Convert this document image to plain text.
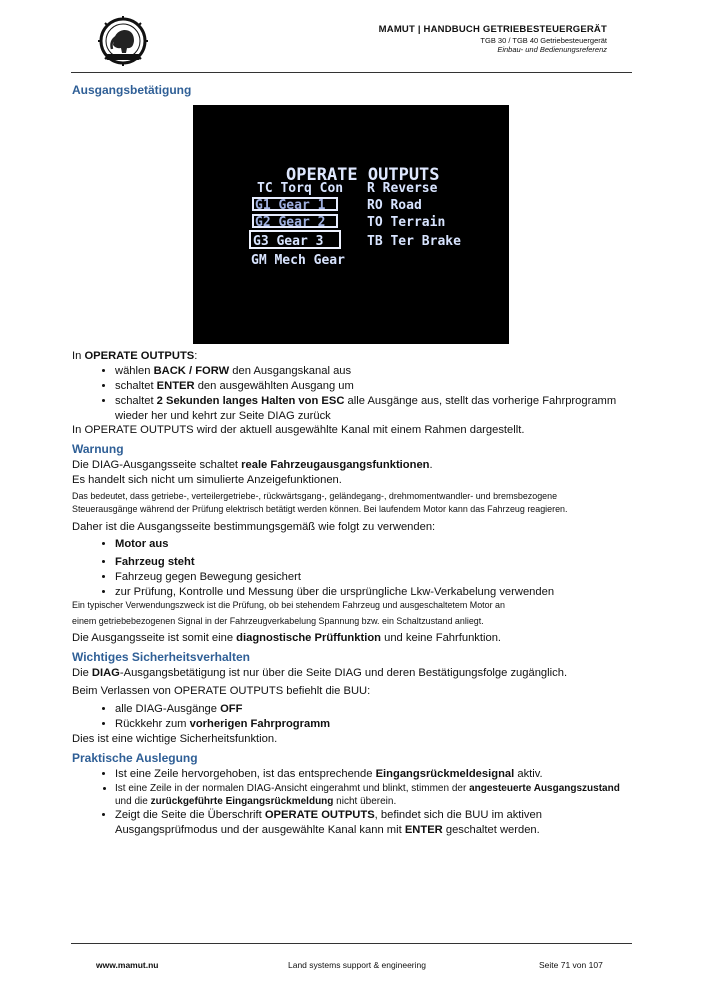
MAMUT | HANDBUCH GETRIEBESTEUERGERÄT
TGB 30 / TGB 40 Getriebesteuergerät
Einbau- und Bedienungsreferenz
Ausgangsbetätigung
OPERATE OUTPUTS
TC Torq Con R Reverse
G1 Gear 1	RO Road
G2 Gear 2	TO Terrain
G3 Gear 3	TB Ter Brake
GM Mech Gear

In OPERATE OUTPUTS:

• wählen BACK / FORW den Ausgangskanal aus
• schaltet ENTER den ausgewählten Ausgang um
• schaltet 2 Sekunden langes Halten von ESC alle Ausgänge aus, stellt das vorherige Fahrprogramm wieder her und kehrt zur Seite DIAG zurück

In OPERATE OUTPUTS wird der aktuell ausgewählte Kanal mit einem Rahmen dargestellt.

Warnung

Die DIAG-Ausgangsseite schaltet reale Fahrzeugausgangsfunktionen.

Es handelt sich nicht um simulierte Anzeigefunktionen.

Das bedeutet, dass getriebe-, verteilergetriebe-, rückwärtsgang-, geländegang-, drehmomentwandler- und bremsbezogene
Steuerausgänge während der Prüfung elektrisch betätigt werden können. Bei laufendem Motor kann das Fahrzeug reagieren.

Daher ist die Ausgangsseite bestimmungsgemäß wie folgt zu verwenden:

• Motor aus
• Fahrzeug steht
• Fahrzeug gegen Bewegung gesichert
• zur Prüfung, Kontrolle und Messung über die ursprüngliche Lkw-Verkabelung verwenden
Ein typischer Verwendungszweck ist die Prüfung, ob bei stehendem Fahrzeug und ausgeschaltetem Motor an
einem getriebebezogenen Signal in der Fahrzeugverkabelung Spannung bzw. ein Schaltzustand anliegt.

Die Ausgangsseite ist somit eine diagnostische Prüffunktion und keine Fahrfunktion.

Wichtiges Sicherheitsverhalten

Die DIAG-Ausgangsbetätigung ist nur über die Seite DIAG und deren Bestätigungsfolge zugänglich.

Beim Verlassen von OPERATE OUTPUTS befiehlt die BUU:

• alle DIAG-Ausgänge OFF
• Rückkehr zum vorherigen Fahrprogramm

Dies ist eine wichtige Sicherheitsfunktion.

Praktische Auslegung
• Ist eine Zeile hervorgehoben, ist das entsprechende Eingangsrückmeldesignal aktiv.
• Ist eine Zeile in der normalen DIAG-Ansicht eingerahmt und blinkt, stimmen der angesteuerte Ausgangszustand und die zurückgeführte Eingangsrückmeldung nicht überein.
• Zeigt die Seite die Überschrift OPERATE OUTPUTS, befindet sich die BUU im aktiven Ausgangsprüfmodus und der ausgewählte Kanal kann mit ENTER geschaltet werden.
www.mamut.nu	Land systems support & engineering	Seite 71 von 107
